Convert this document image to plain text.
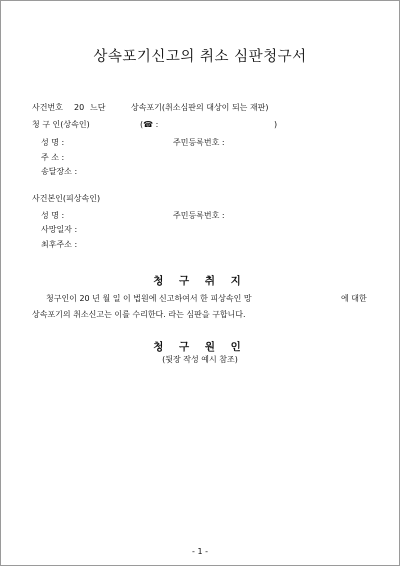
상속포기신고의 취소 심판청구서
사건번호 20 느단	상속포기(취소심판의 대상이 되는 재판)
청 구 인(상속인)	(☎ :	)
성 명 :	주민등록번호 :
주 소 :
송달장소 :
사건본인(피상속인)
성 명 :	주민등록번호 :
사망일자 :
최후주소 :
청 구 취 지
청구인이 20 년 월 일 이 법원에 신고하여서 한 피상속인 망	에 대한
상속포기의 취소신고는 이를 수리한다. 라는 심판을 구합니다.
청 구 원 인
(뒷장 작성 예시 참조)
- 1 -
